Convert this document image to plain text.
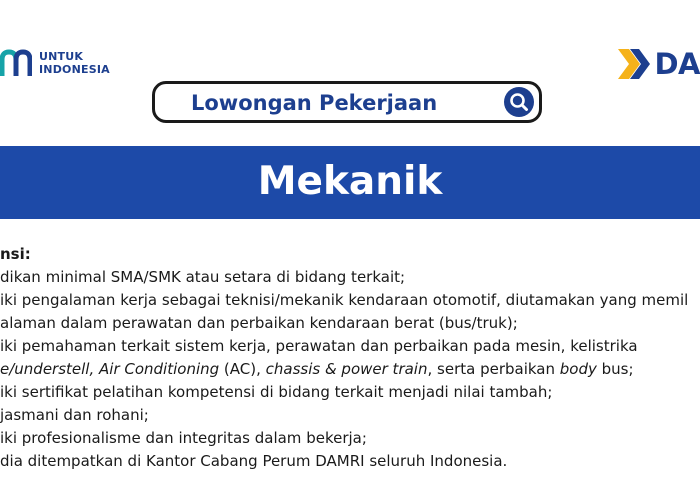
UNTUK
INDONESIA	DA
Lowongan Pekerjaan
Mekanik
nsi:
dikan minimal SMA/SMK atau setara di bidang terkait;
iki pengalaman kerja sebagai teknisi/mekanik kendaraan otomotif, diutamakan yang memil
alaman dalam perawatan dan perbaikan kendaraan berat (bus/truk);
iki pemahaman terkait sistem kerja, perawatan dan perbaikan pada mesin, kelistrika
e/understell, Air Conditioning (AC), chassis & power train, serta perbaikan body bus;
iki sertifikat pelatihan kompetensi di bidang terkait menjadi nilai tambah;
jasmani dan rohani;
iki profesionalisme dan integritas dalam bekerja;
dia ditempatkan di Kantor Cabang Perum DAMRI seluruh Indonesia.
